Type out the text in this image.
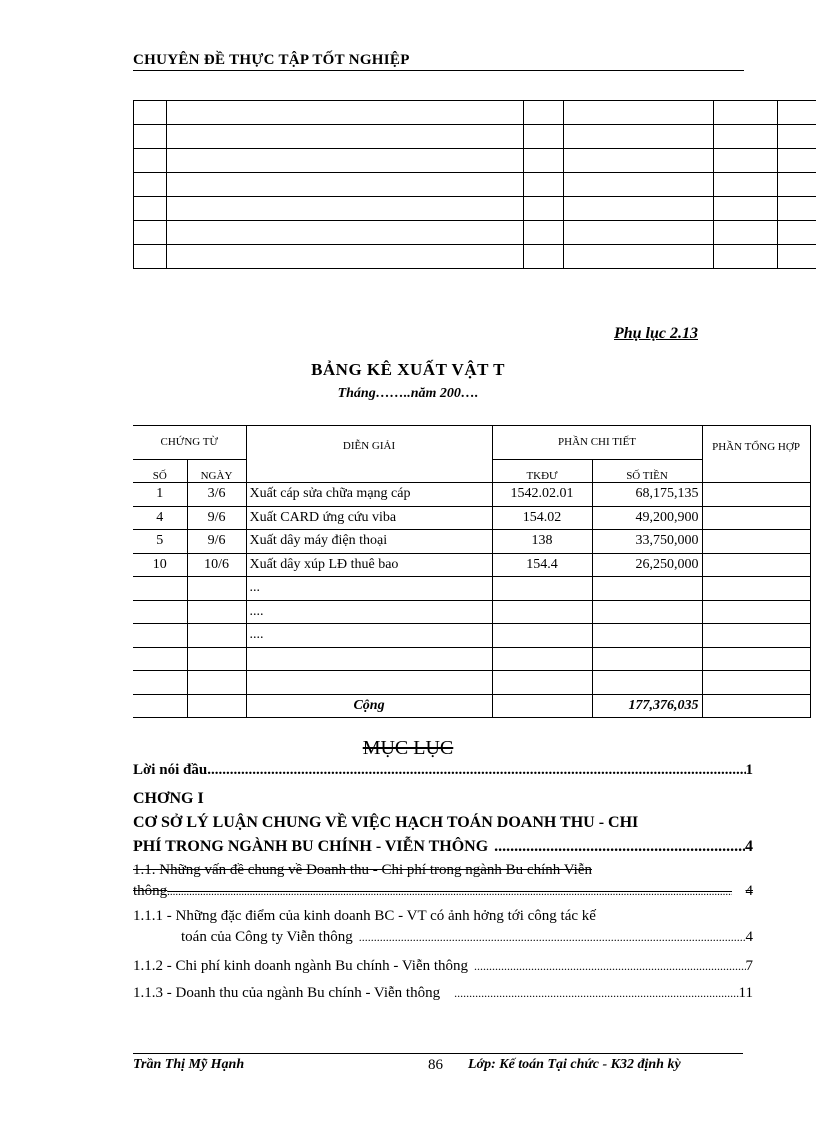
CHUYÊN ĐỀ THỰC TẬP TỐT NGHIỆP

Phụ lục 2.13
BẢNG KÊ XUẤT VẬT T
Tháng……..năm 200….
CHỨNG TỪ		DIỄN GIẢI	PHẦN CHI TIẾT		PHẦN TỔNG HỢP
SỐ	NGÀY		TKĐƯ	SỐ TIỀN	
1	3/6	Xuất cáp sửa chữa mạng cáp	1542.02.01	68,175,135	
4	9/6	Xuất CARD ứng cứu viba	154.02	49,200,900	
5	9/6	Xuất dây máy điện thoại	138	33,750,000	
10	10/6	Xuất dây xúp LĐ thuê bao	154.4	26,250,000	
		...			
		....			
		....			

		Cộng		177,376,035	
MỤC LỤC
Lời nói đầu .....	1
CHƠNG I
CƠ SỞ LÝ LUẬN CHUNG VỀ VIỆC HẠCH TOÁN DOANH THU - CHI
PHÍ TRONG NGÀNH BU CHÍNH - VIỄN THÔNG .....	4
1.1. Những vấn đề chung về Doanh thu - Chi phí trong ngành Bu chính Viễn
thông .....	4
1.1.1 - Những đặc điểm của kinh doanh BC - VT có ảnh hởng tới công tác kế
toán của Công ty Viễn thông .....	4
1.1.2 - Chi phí kinh doanh ngành Bu chính - Viễn thông .....	7
1.1.3 - Doanh thu của ngành Bu chính - Viễn thông .....	11
Trần Thị Mỹ Hạnh	86 Lớp: Kế toán Tại chức - K32 định kỳ
